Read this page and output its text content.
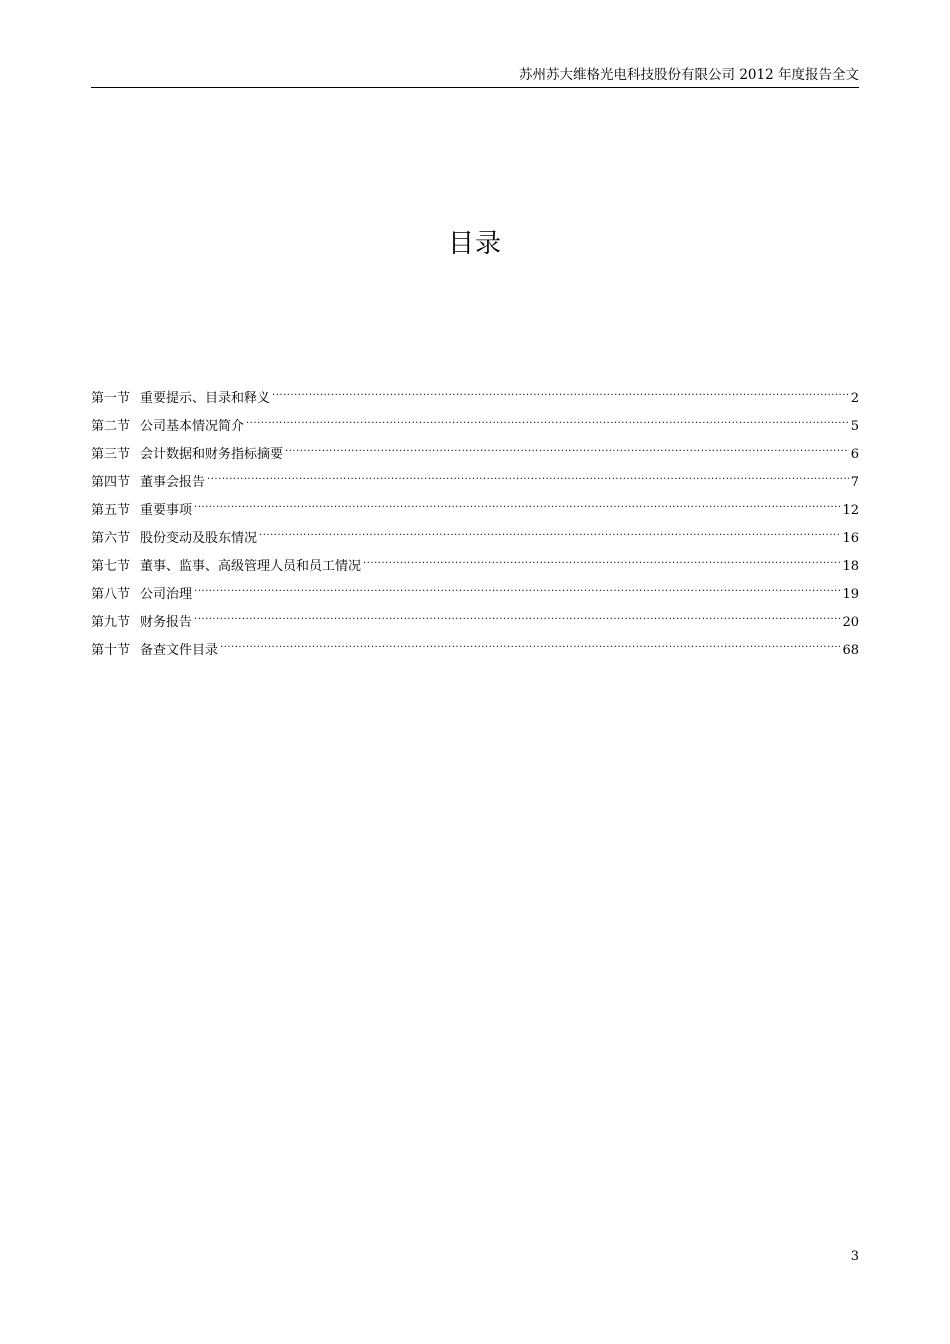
苏州苏大维格光电科技股份有限公司 2012 年度报告全文
目录
第一节 重要提示、目录和释义 .....	2
第二节 公司基本情况简介 .....	5
第三节 会计数据和财务指标摘要 .....	6
第四节 董事会报告 .....	7
第五节 重要事项 .....	12
第六节 股份变动及股东情况 .....	16
第七节 董事、监事、高级管理人员和员工情况 .....	18
第八节 公司治理 .....	19
第九节 财务报告 .....	20
第十节 备查文件目录 .....	68
3
